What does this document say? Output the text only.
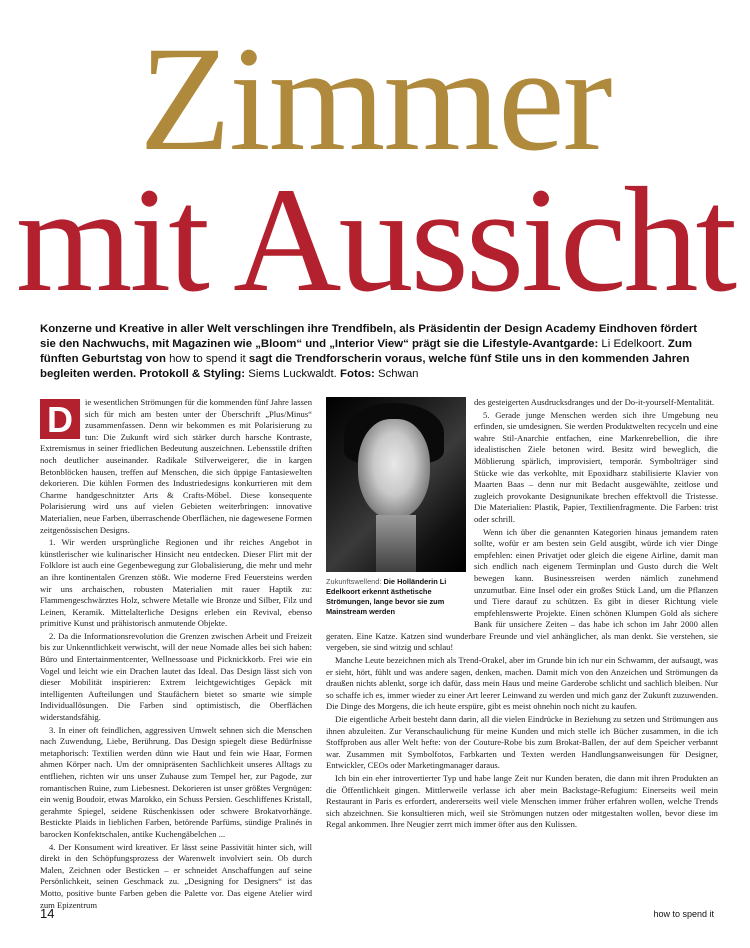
Zimmer
mit Aussicht
Konzerne und Kreative in aller Welt verschlingen ihre Trendfibeln, als Präsidentin der Design Academy Eindhoven fördert sie den Nachwuchs, mit Magazinen wie „Bloom“ und „Interior View“ prägt sie die Lifestyle-Avantgarde: Li Edelkoort. Zum fünften Geburtstag von how to spend it sagt die Trendforscherin voraus, welche fünf Stile uns in den kommenden Jahren begleiten werden. Protokoll & Styling: Siems Luckwaldt. Fotos: Schwan

D	ie wesentlichen Strömungen für die kommenden fünf Jahre lassen sich für mich am besten unter der Überschrift „Plus/Minus“ zusammenfassen. Denn wir bekommen es mit Polarisierung zu tun: Die Zukunft wird sich stärker durch harsche Kontraste, Extremismus in seiner friedlichen Bedeutung auszeichnen. Lebensstile driften noch deutlicher auseinander. Radikale Stilverweigerer, die in kargen Betonblöcken hausen, treffen auf Menschen, die sich üppige Fantasiewelten dekorieren. Die kühlen Formen des Industriedesigns konkurrieren mit dem Charme handgeschnitzter Arts & Crafts-Möbel. Diese konsequente Polarisierung wird uns auf vielen Gebieten weiterbringen: innovative Materialien, neue Farben, überraschende Oberflächen, nie dagewesene Formen zeitgenössischen Designs.

1. Wir werden ursprüngliche Regionen und ihr reiches Angebot in künstlerischer wie kulinarischer Hinsicht neu entdecken. Dieser Flirt mit der Folklore ist auch eine Gegenbewegung zur Globalisierung, die mehr und mehr an ihre kontinentalen Grenzen stößt. Wie moderne Fred Feuersteins werden wir uns archaischen, robusten Materialien mit rauer Haptik zu: Flammengeschwärztes Holz, schwere Metalle wie Bronze und Silber, Filz und Leinen, Keramik. Mittelalterliche Designs erleben ein Revival, ebenso primitive Kunst und prähistorisch anmutende Objekte.

2. Da die Informationsrevolution die Grenzen zwischen Arbeit und Freizeit bis zur Unkenntlichkeit verwischt, will der neue Nomade alles bei sich haben: Büro und Entertainmentcenter, Wellnessoase und Picknickkorb. Frei wie ein Vogel und leicht wie ein Drachen lautet das Ideal. Das Design lässt sich von dieser Mobilität inspirieren: Extrem leichtgewichtiges Gepäck mit intelligenten Aufteilungen und Staufächern bietet so smarte wie simple Individuallösungen. Die Farben sind optimistisch, die Oberflächen widerstandsfähig.

3. In einer oft feindlichen, aggressiven Umwelt sehnen sich die Menschen nach Zuwendung, Liebe, Berührung. Das Design spiegelt diese Bedürfnisse metaphorisch: Textilien werden dünn wie Haut und fein wie Haar, Formen ahmen Körper nach. Um der omnipräsenten Sachlichkeit unseres Alltags zu entfliehen, richten wir uns unser Zuhause zum Tempel her, zur Pagode, zur romantischen Ruine, zum Liebesnest. Dekorieren ist unser größtes Vergnügen: ein wenig Boudoir, etwas Marokko, ein Schuss Persien. Geschliffenes Kristall, gerahmte Spiegel, seidene Rüschenkissen oder schwere Brokatvorhänge. Bestickte Plaids in lieblichen Farben, betörende Parfüms, sündige Pralinés in barocken Konfektschalen, antike Kuchengäbelchen ...

4. Der Konsument wird kreativer. Er lässt seine Passivität hinter sich, will direkt in den Schöpfungsprozess der Warenwelt involviert sein. Ob durch Malen, Zeichnen oder Besticken – er schneidet Anschaffungen auf seine Persönlichkeit, seinen Geschmack zu. „Designing for Designers“ ist das Motto, positive bunte Farben geben die Palette vor. Das eigene Atelier wird zum Epizentrum

des gesteigerten Ausdrucksdranges und der Do-it-yourself-Mentalität.

5. Gerade junge Menschen werden sich ihre Umgebung neu erfinden, sie umdesignen. Sie werden Produktwelten recyceln und eine wahre Stil-Anarchie entfachen, eine Markenrebellion, die ihre idealistischen Ziele betonen wird. Besitz wird beweglich, die Möblierung spärlich, improvisiert, temporär. Symbolträger sind Stücke wie das verkohlte, mit Epoxidharz stabilisierte Klavier von Maarten Baas – denn nur mit Bedacht ausgewählte, zeitlose und zugleich provokante Designunikate brechen effektvoll die Tristesse. Die Materialien: Plastik, Papier, Textilienfragmente. Die Farben: trist oder schrill.

Wenn ich über die genannten Kategorien hinaus jemandem raten sollte, wofür er am besten sein Geld ausgibt, würde ich vier Dinge empfehlen: einen Privatjet oder gleich die eigene Airline, damit man sich endlich nach eigenem Terminplan und Gusto durch die Welt bewegen kann. Businessreisen werden nämlich zunehmend unzumutbar. Eine Insel oder ein großes Stück Land, um die Pflanzen und Tiere darauf zu schützen. Es gibt in dieser Richtung viele empfehlenswerte Projekte. Einen schönen Klumpen Gold als sichere Bank für unsichere Zeiten – das habe ich schon im Jahr 2000 allen geraten. Eine Katze. Katzen sind wunderbare Freunde und viel anhänglicher, als man denkt. Sie verstehen, sie vergeben, sie sind witzig und schlau!

Manche Leute bezeichnen mich als Trend-Orakel, aber im Grunde bin ich nur ein Schwamm, der aufsaugt, was er sieht, hört, fühlt und was andere sagen, denken, machen. Damit mich von den Anzeichen und Strömungen da draußen nichts ablenkt, sorge ich dafür, dass mein Haus und meine Garderobe schlicht und sachlich bleiben. Nur so schaffe ich es, immer wieder zu einer Art leerer Leinwand zu werden und mich ganz der Zukunft zuzuwenden. Die Dinge des Morgens, die ich heute erspüre, gibt es meist ohnehin noch nicht zu kaufen.

Die eigentliche Arbeit besteht dann darin, all die vielen Eindrücke in Beziehung zu setzen und Strömungen aus ihnen abzuleiten. Zur Veranschaulichung für meine Kunden und mich stelle ich Bücher zusammen, in die ich Stoffproben aus aller Welt hefte: von der Couture-Robe bis zum Brokat-Ballen, der auf dem Speicher verbannt war. Zusammen mit Symbolfotos, Farbkarten und Texten werden Handlungsanweisungen für Designer, Entwickler, CEOs oder Marketingmanager daraus.

Ich bin ein eher introvertierter Typ und habe lange Zeit nur Kunden beraten, die dann mit ihren Produkten an die Öffentlichkeit gingen. Mittlerweile verlasse ich aber mein Backstage-Refugium: Einerseits weil mein Restaurant in Paris es erfordert, andererseits weil viele Menschen immer früher erfahren wollen, welche Trends sich abzeichnen. Sie konsultieren mich, weil sie Strömungen nutzen oder mitgestalten wollen, bevor diese im Regal ankommen. Ihre Neugier zerrt mich immer öfter aus den Kulissen.

Zukunftswellend: Die Holländerin Li Edelkoort erkennt ästhetische Strömungen, lange bevor sie zum Mainstream werden
14	how to spend it
